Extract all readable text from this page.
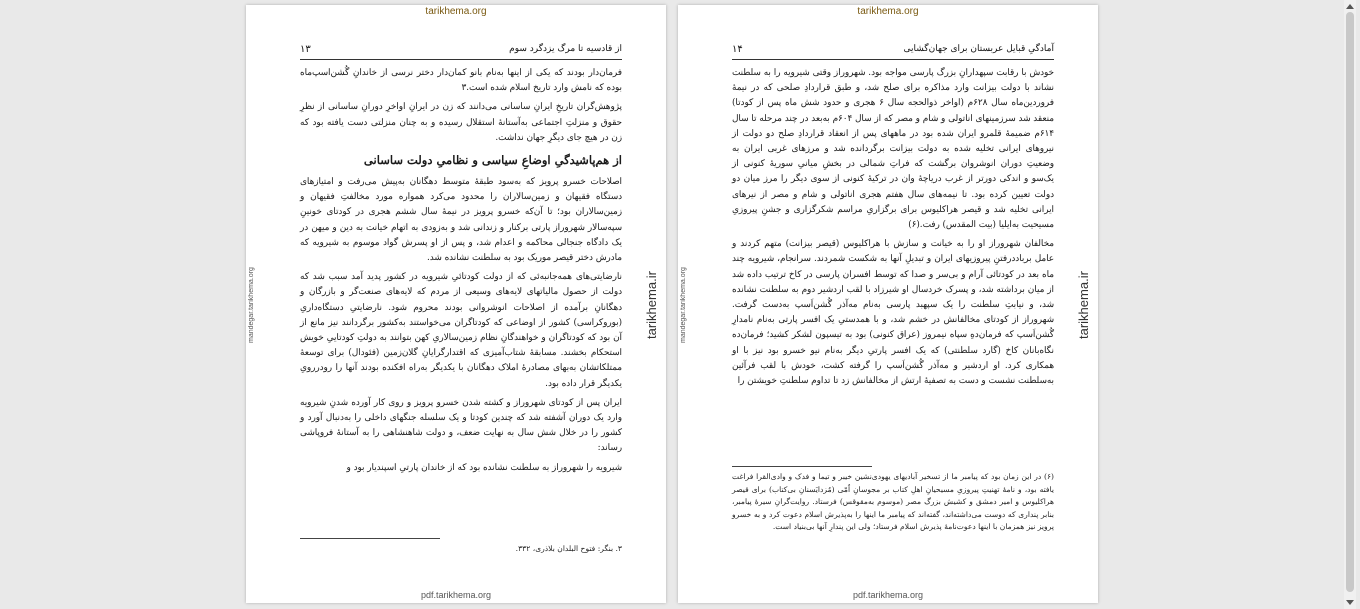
tarikhema.org
mandegar.tarikhema.org	tarikhema.ir
از قادسیه تا مرگ یزدگرد سوم
۱۳

فرمان‌دار بودند که یکی از اینها به‌نام بانو کمان‌دار دختر نرسی از خاندانِ گُشن‌اسپ‌ماه بوده که نامش وارد تاریخ اسلام شده است.۳

پژوهش‌گران تاریخِ ایرانِ ساسانی می‌دانند که زن در ایرانِ اواخرِ دورانِ ساسانی از نظرِ حقوق و منزلتِ اجتماعی به‌آستانهٔ استقلال رسیده و به‌ چنان منزلتی دست یافته بود که زن در هیچ‌ جای دیگرِ جهان نداشت.

از هم‌پاشیدگیِ اوضاعِ سیاسی و نظامیِ دولت ساسانی

اصلاحات خسرو پرویز که به‌سود طبقهٔ متوسط دهگانان به‌پیش می‌رفت و امتیازهای دستگاه فقیهان و زمین‌سالاران را محدود می‌کرد همواره مورد مخالفتِ فقیهان و زمین‌سالاران بود؛ تا آن‌که خسرو پرویز در نیمهٔ سال ششم هجری در کودتای خونینِ سپه‌سالار شهروراز پارتی برکنار و زندانی شد و به‌زودی به اتهام خیانت به دین و میهن در یک دادگاه جنجالی محاکمه و اعدام شد، و پس از او پسرش گواد موسوم به شیرویه که مادرش دختر قیصر موریک بود به سلطنت نشانده شد.

نارضایتی‌های همه‌جانبه‌ئی که از دولت کودتائیِ شیرویه در کشور پدید آمد سبب شد که دولت از حصول مالیاتهای لایه‌های وسیعی از مردم که لایه‌های صنعت‌گر و بازرگان و دهگانانِ برآمده از اصلاحات انوشروانی بودند محروم شود. نارضایتیِ دستگاه‌داریِ (بوروکراسی) کشور از اوضاعی که کودتاگران می‌خواستند به‌کشور برگردانند نیز مانع از آن بود که کودتاگران و خواهندگانِ نظام زمین‌سالاریِ کهن بتوانند به دولتِ کودتاییِ خویش استحکام بخشند. مسابقهٔ شتاب‌آمیزی که اقتدارگرایانِ گلان‌زمین (فئودال) برای توسعهٔ ممتلکاتشان به‌بهای مصادرهٔ املاک دهگانان با یکدیگر به‌راه افکنده بودند آنها را رودررویِ یکدیگر قرار داده بود.

ایران پس از کودتای شهروراز و کشته شدن خسرو پرویز و روی کار آورده شدنِ شیرویه وارد یک دوران آشفته شد که چندین کودتا و یک سلسله جنگهای داخلی را به‌دنبال آورد و کشور را در خلال شش سال به نهایت ضعف، و دولت شاهنشاهی را به آستانهٔ فروپاشی رساند:

شیرویه را شهروراز به سلطنت نشانده بود که از خاندان پارتیِ اسپندیار بود و

۳. بنگر: فتوح البلدان بلاذری، ۳۳۲.
pdf.tarikhema.org
tarikhema.org
mandegar.tarikhema.org	tarikhema.ir
آمادگیِ قبایل عربستان برای جهان‌گشایی
۱۴

خودش با رقابت سپهدارانِ بزرگ پارسی مواجه بود. شهروراز وقتی شیرویه را به سلطنت نشاند با دولت بیزانت وارد مذاکره برای صلح شد، و طبق قراردادِ صلحی که در نیمهٔ فروردین‌ماه سال ۶۲۸م (اواخر ذوالحجه سال ۶ هجری و حدود شش ماه پس از کودتا) منعقد شد سرزمینهای اناتولی و شام و مصر که از سال ۶۰۴م به‌بعد در چند مرحله تا سال ۶۱۴م ضمیمهٔ قلمرو ایران شده بود در ماههای پس از انعقاد قراردادِ صلح دو دولت از نیروهای ایرانی تخلیه شده به دولت بیزانت برگردانده شد و مرزهای غربی ایران به وضعیتِ دوران انوشروان برگشت که فراتِ شمالی در بخشِ میانیِ سوریهٔ کنونی از یک‌سو و اندکی دورتر از غرب دریاچهٔ وان در ترکیهٔ کنونی از سوی دیگر را مرز میان دو دولت تعیین کرده بود. تا نیمه‌های سال هفتم هجری اناتولی و شام و مصر از نیرهای ایرانی تخلیه شد و قیصر هراکلیوس برای برگزاریِ مراسم شکرگزاری و جشنِ پیروزیِ مسیحیت به‌ایلیا (بیت المقدس) رفت.(۶)

مخالفان شهروراز او را به خیانت و سازش با هراکلیوس (قیصر بیزانت) متهم کردند و عامل برباددرفتنِ پیروزیهای ایران و تبدیلِ آنها به شکست شمردند. سرانجام، شیرویه چند ماه بعد در کودتائی آرام و بی‌سر و صدا که توسط افسران پارسی در کاخ ترتیب داده شد از میان برداشته شد، و پسرک خردسال او شیرزاد با لقب اردشیر دوم به سلطنت نشانده شد، و نیابتِ سلطنت را یک سپهبد پارسی به‌نام مه‌آذر گُشن‌اَسپ به‌دست گرفت. شهروراز از کودتای مخالفانش در خشم شد، و با همدستیِ یک افسر پارتی به‌نام نامدارِ گُشن‌اَسپ که فرمان‌دهِ سپاه نیمروز (عراق کنونی) بود به تیسپون لشکر کشید؛ فرمان‌ده نگاه‌بانان کاخ (گارد سلطنتی) که یک افسر پارتیِ دیگر به‌نام نیو خسرو بود نیز با او همکاری کرد. او اردشیر و مه‌آذر گُشن‌اَسپ را گرفته کشت، خودش با لقب فرآئین به‌سلطنت نشست و دست به تصفیهٔ ارتش از مخالفانش زد تا تداوم سلطنتِ خویشتن را

(۶) در این زمان بود که پیامبر ما از تسخیر آبادیهای یهودی‌نشین خیبر و تیما و فدک و وادی‌القرا فراغت یافته بود، و نامهٔ تهنیتِ پیروزیِ مسیحیانِ اهلِ کتاب بر مجوسانِ اُمّی (مُزدایَسنانِ بی‌کتاب) برای قیصر هراکلیوس و امیر دمشق و کشیش بزرگ مصر (موسوم به‌مقوقس) فرستاد. روایت‌گرانِ سیرهٔ پیامبر، بنابر پنداری که دوست می‌داشته‌اند، گفته‌اند که پیامبر ما اینها را به‌پذیرش اسلام دعوت کرد و به خسرو پرویز نیز همزمان با اینها دعوت‌نامهٔ پذیرش اسلام فرستاد؛ ولی این پندارِ آنها بی‌بنیاد است.
pdf.tarikhema.org
